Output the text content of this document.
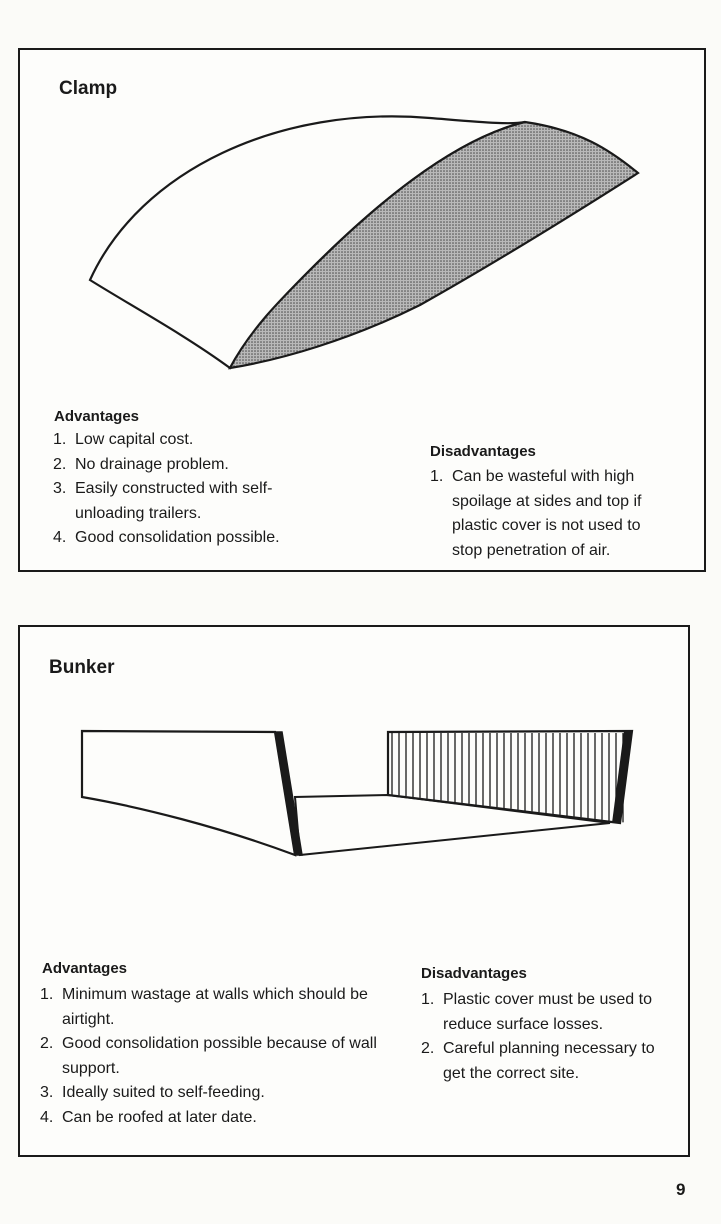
Clamp
Advantages
1. Low capital cost.
2. No drainage problem.
3. Easily constructed with self-unloading trailers.
4. Good consolidation possible.
Disadvantages
1. Can be wasteful with high spoilage at sides and top if plastic cover is not used to stop penetration of air.
Bunker
Advantages
1. Minimum wastage at walls which should be airtight.
2. Good consolidation possible because of wall support.
3. Ideally suited to self-feeding.
4. Can be roofed at later date.
Disadvantages
1. Plastic cover must be used to reduce surface losses.
2. Careful planning necessary to get the correct site.
9
